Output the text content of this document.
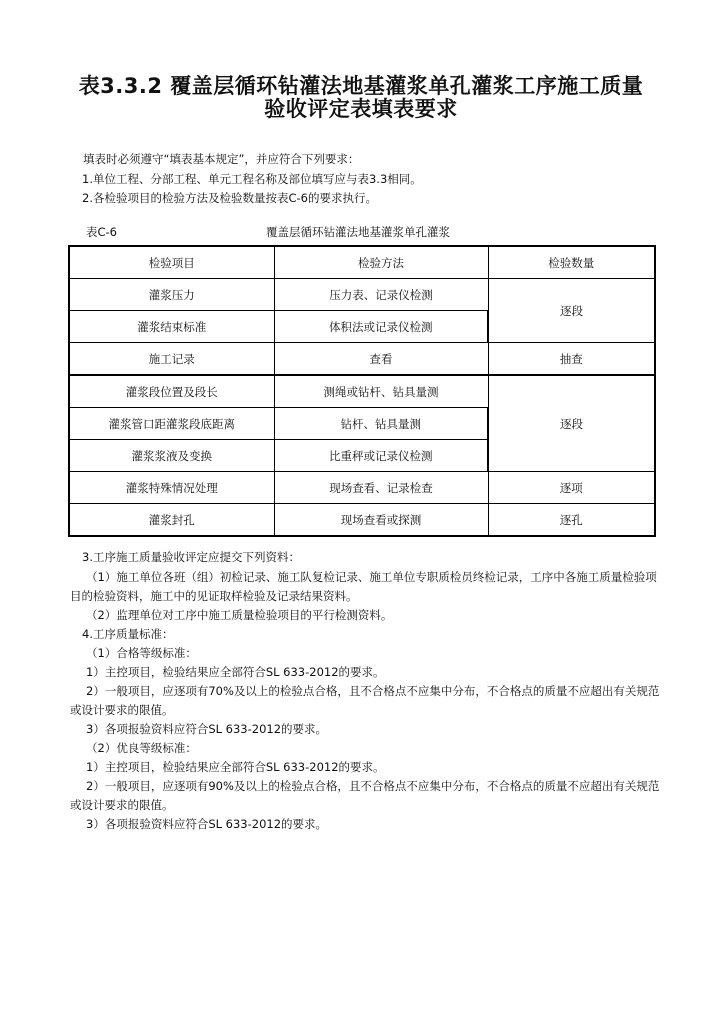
表3.3.2 覆盖层循环钻灌法地基灌浆单孔灌浆工序施工质量
验收评定表填表要求
填表时必须遵守“填表基本规定”，并应符合下列要求：
1.单位工程、分部工程、单元工程名称及部位填写应与表3.3相同。
2.各检验项目的检验方法及检验数量按表C-6的要求执行。
表C-6	覆盖层循环钻灌法地基灌浆单孔灌浆
检验项目	检验方法	检验数量
灌浆压力	压力表、记录仪检测	逐段
灌浆结束标准	体积法或记录仪检测	
施工记录	查看	抽查
灌浆段位置及段长	测绳或钻杆、钻具量测	逐段
灌浆管口距灌浆段底距离	钻杆、钻具量测	
灌浆浆液及变换	比重秤或记录仪检测	
灌浆特殊情况处理	现场查看、记录检查	逐项
灌浆封孔	现场查看或探测	逐孔
3.工序施工质量验收评定应提交下列资料：
（1）施工单位各班（组）初检记录、施工队复检记录、施工单位专职质检员终检记录，工序中各施工质量检验项
目的检验资料，施工中的见证取样检验及记录结果资料。
（2）监理单位对工序中施工质量检验项目的平行检测资料。
4.工序质量标准：
（1）合格等级标准：
1）主控项目，检验结果应全部符合SL 633-2012的要求。
2）一般项目，应逐项有70%及以上的检验点合格，且不合格点不应集中分布，不合格点的质量不应超出有关规范
或设计要求的限值。
3）各项报验资料应符合SL 633-2012的要求。
（2）优良等级标准：
1）主控项目，检验结果应全部符合SL 633-2012的要求。
2）一般项目，应逐项有90%及以上的检验点合格，且不合格点不应集中分布，不合格点的质量不应超出有关规范
或设计要求的限值。
3）各项报验资料应符合SL 633-2012的要求。
